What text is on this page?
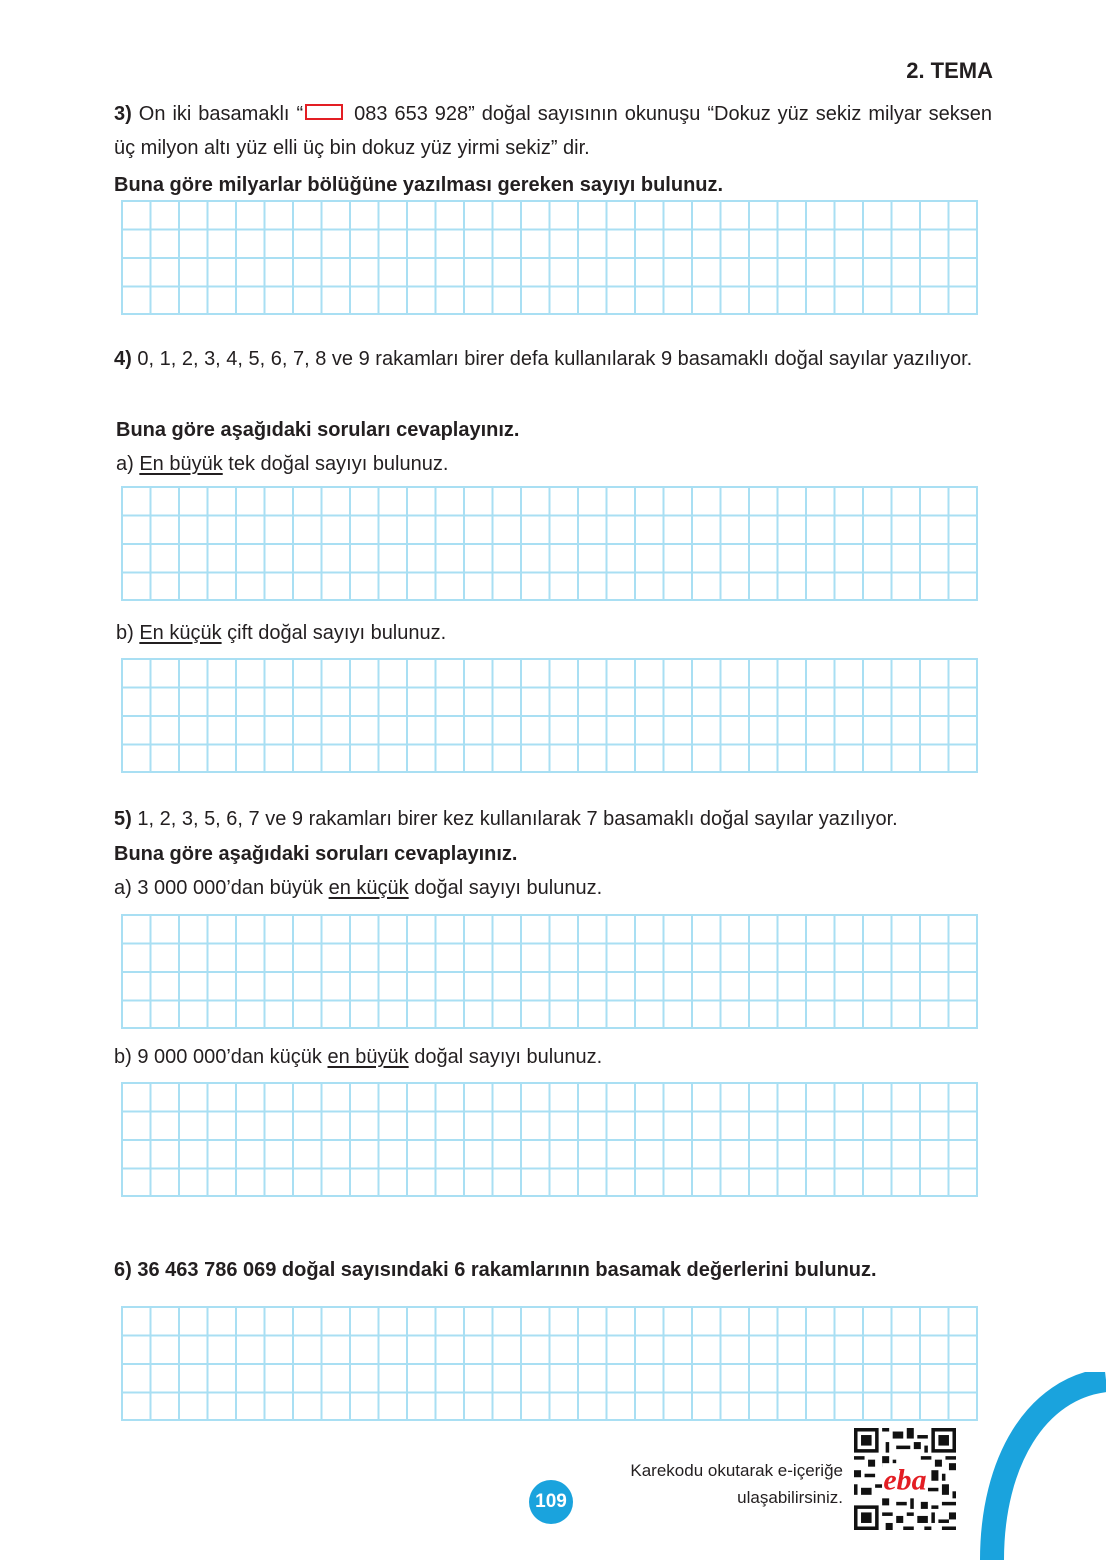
2. TEMA
3) On iki basamaklı “ 083 653 928” doğal sayısının okunuşu “Dokuz yüz sekiz milyar seksen üç milyon altı yüz elli üç bin dokuz yüz yirmi sekiz” dir.
Buna göre milyarlar bölüğüne yazılması gereken sayıyı bulunuz.
4) 0, 1, 2, 3, 4, 5, 6, 7, 8 ve 9 rakamları birer defa kullanılarak 9 basamaklı doğal sayılar yazılıyor.
Buna göre aşağıdaki soruları cevaplayınız.
a) En büyük tek doğal sayıyı bulunuz.
b) En küçük çift doğal sayıyı bulunuz.
5) 1, 2, 3, 5, 6, 7 ve 9 rakamları birer kez kullanılarak 7 basamaklı doğal sayılar yazılıyor.
Buna göre aşağıdaki soruları cevaplayınız.
a) 3 000 000’dan büyük en küçük doğal sayıyı bulunuz.
b) 9 000 000’dan küçük en büyük doğal sayıyı bulunuz.
6) 36 463 786 069 doğal sayısındaki 6 rakamlarının basamak değerlerini bulunuz.
Karekodu okutarak e-içeriğe
ulaşabilirsiniz.
eba
109
